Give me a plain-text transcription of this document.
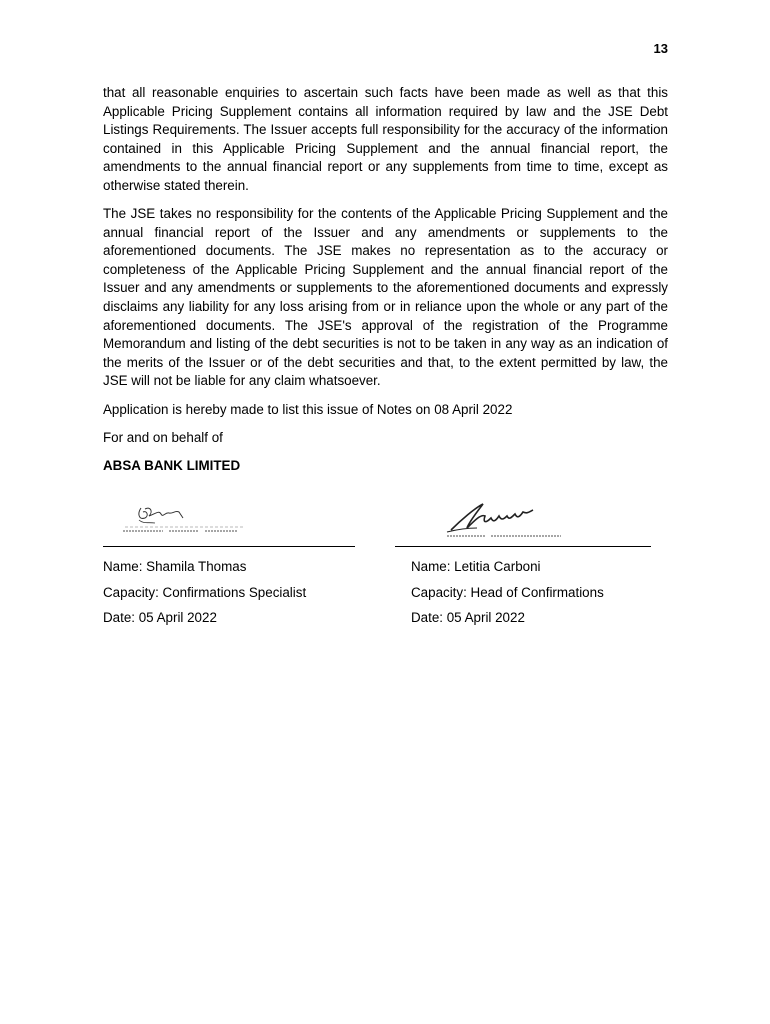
13

that all reasonable enquiries to ascertain such facts have been made as well as that this Applicable Pricing Supplement contains all information required by law and the JSE Debt Listings Requirements. The Issuer accepts full responsibility for the accuracy of the information contained in this Applicable Pricing Supplement and the annual financial report, the amendments to the annual financial report or any supplements from time to time, except as otherwise stated therein.

The JSE takes no responsibility for the contents of the Applicable Pricing Supplement and the annual financial report of the Issuer and any amendments or supplements to the aforementioned documents. The JSE makes no representation as to the accuracy or completeness of the Applicable Pricing Supplement and the annual financial report of the Issuer and any amendments or supplements to the aforementioned documents and expressly disclaims any liability for any loss arising from or in reliance upon the whole or any part of the aforementioned documents. The JSE's approval of the registration of the Programme Memorandum and listing of the debt securities is not to be taken in any way as an indication of the merits of the Issuer or of the debt securities and that, to the extent permitted by law, the JSE will not be liable for any claim whatsoever.

Application is hereby made to list this issue of Notes on 08 April 2022

For and on behalf of

ABSA BANK LIMITED

Name: Shamila Thomas
Capacity: Confirmations Specialist
Date: 05 April 2022
Name: Letitia Carboni
Capacity: Head of Confirmations
Date: 05 April 2022
